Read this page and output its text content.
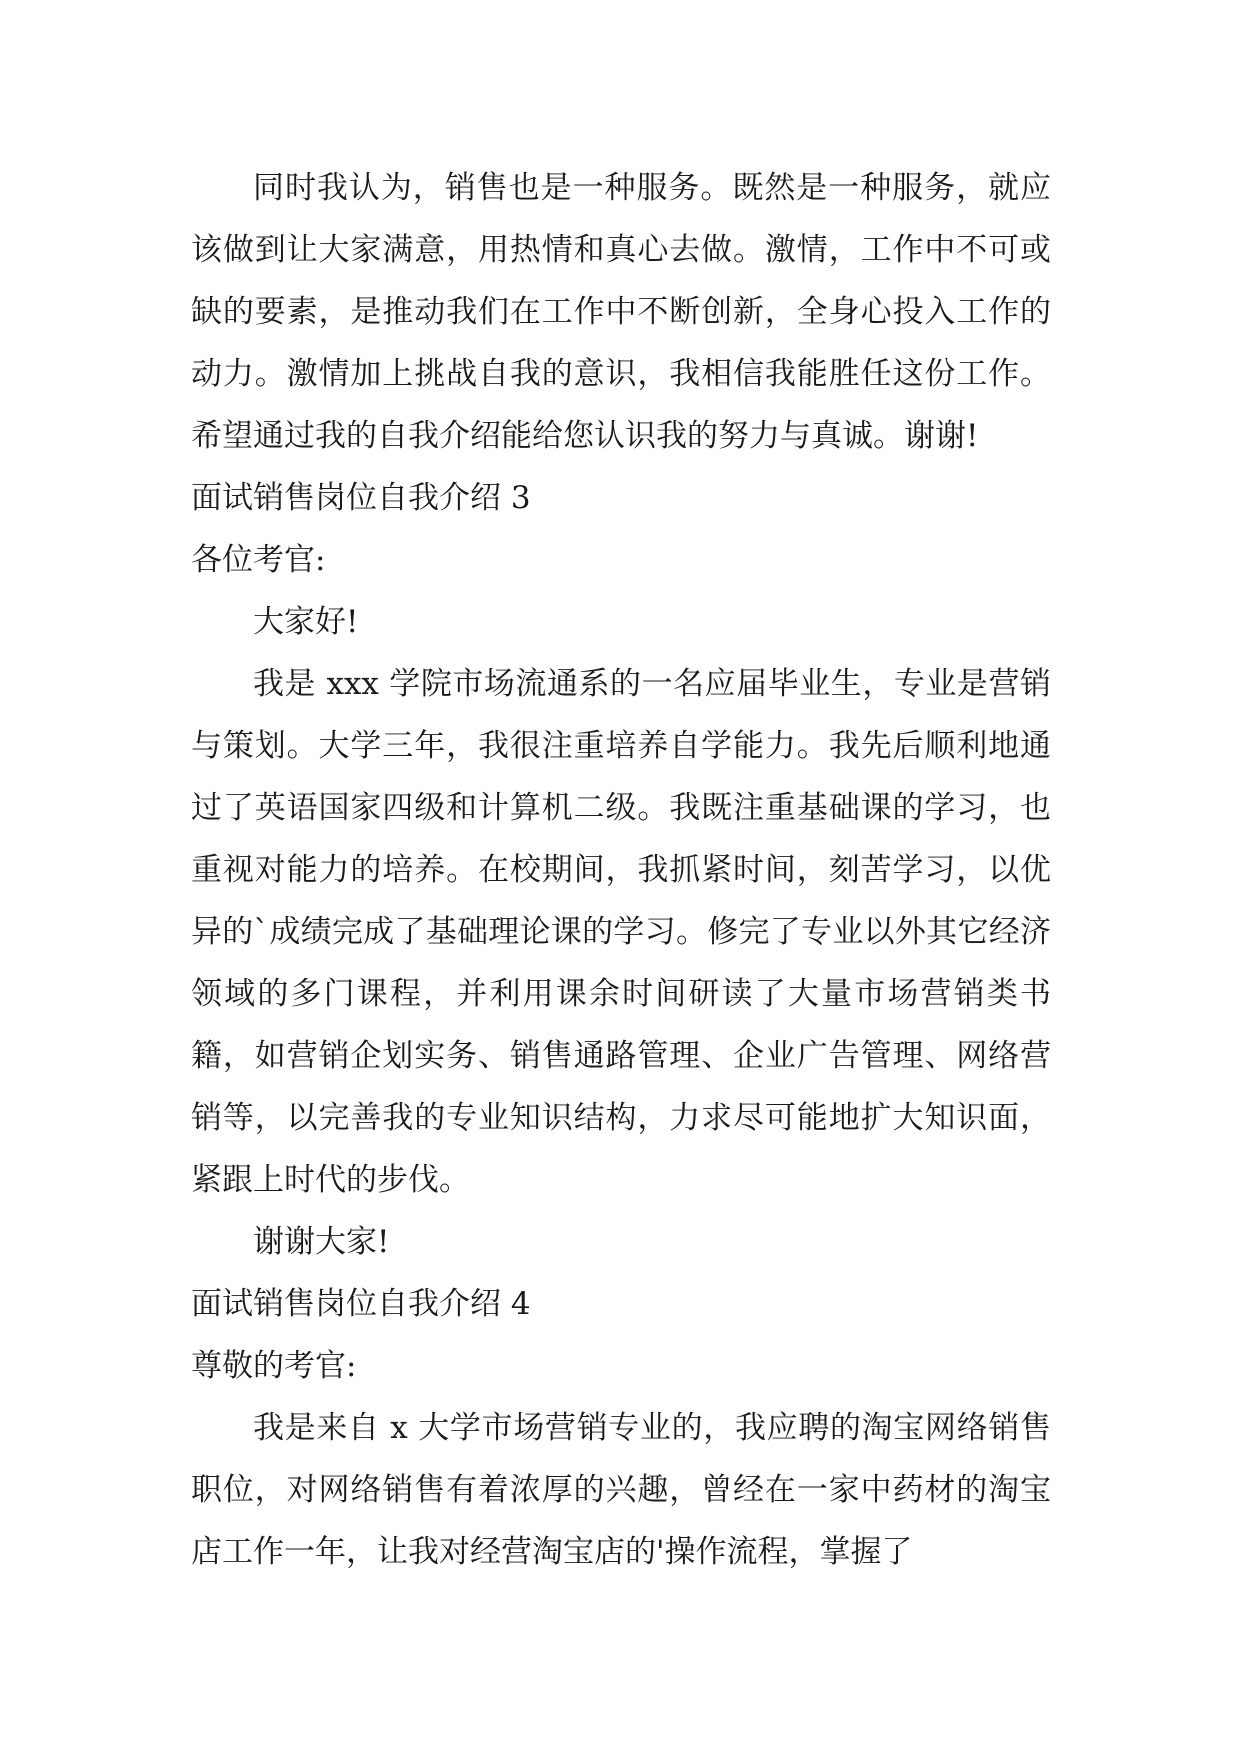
同时我认为，销售也是一种服务。既然是一种服务，就应该做到让大家满意，用热情和真心去做。激情，工作中不可或缺的要素，是推动我们在工作中不断创新，全身心投入工作的动力。激情加上挑战自我的意识，我相信我能胜任这份工作。希望通过我的自我介绍能给您认识我的努力与真诚。谢谢!

面试销售岗位自我介绍 3

各位考官:

大家好!

我是 xxx 学院市场流通系的一名应届毕业生，专业是营销与策划。大学三年，我很注重培养自学能力。我先后顺利地通过了英语国家四级和计算机二级。我既注重基础课的学习，也重视对能力的培养。在校期间，我抓紧时间，刻苦学习，以优异的`成绩完成了基础理论课的学习。修完了专业以外其它经济领域的多门课程，并利用课余时间研读了大量市场营销类书籍，如营销企划实务、销售通路管理、企业广告管理、网络营销等，以完善我的专业知识结构，力求尽可能地扩大知识面，紧跟上时代的步伐。

谢谢大家!

面试销售岗位自我介绍 4

尊敬的考官:

我是来自 x 大学市场营销专业的，我应聘的淘宝网络销售职位，对网络销售有着浓厚的兴趣，曾经在一家中药材的淘宝店工作一年，让我对经营淘宝店的'操作流程，掌握了
